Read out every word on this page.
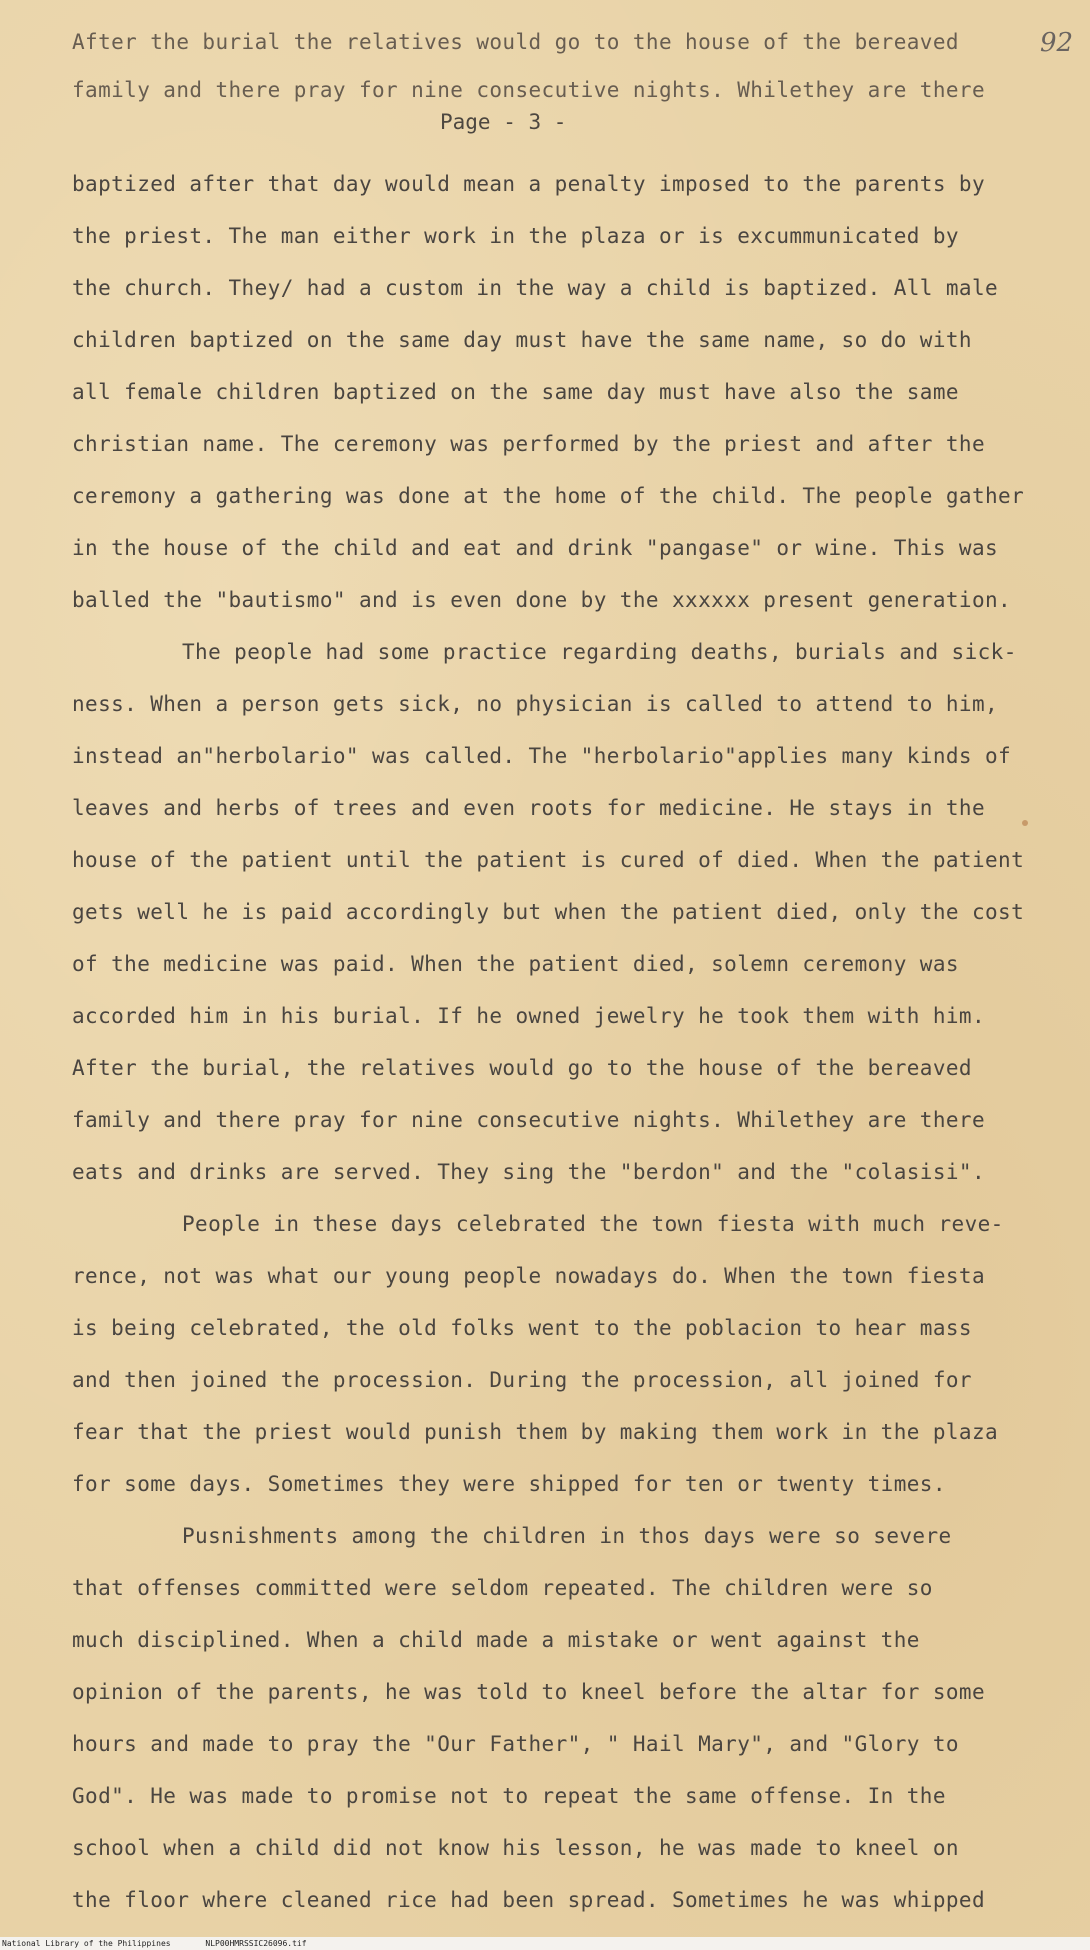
92
After the burial the relatives would go to the house of the bereaved
family and there pray for nine consecutive nights. Whilethey are there
Page - 3 -
baptized after that day would mean a penalty imposed to the parents by
the priest. The man either work in the plaza or is excummunicated by
the church. They/ had a custom in the way a child is baptized. All male
children baptized on the same day must have the same name, so do with
all female children baptized on the same day must have also the same
christian name. The ceremony was performed by the priest and after the
ceremony a gathering was done at the home of the child. The people gather
in the house of the child and eat and drink "pangase" or wine. This was
balled the "bautismo" and is even done by the xxxxxx present generation.
The people had some practice regarding deaths, burials and sick-
ness. When a person gets sick, no physician is called to attend to him,
instead an"herbolario" was called. The "herbolario"applies many kinds of
leaves and herbs of trees and even roots for medicine. He stays in the
house of the patient until the patient is cured of died. When the patient
gets well he is paid accordingly but when the patient died, only the cost
of the medicine was paid. When the patient died, solemn ceremony was
accorded him in his burial. If he owned jewelry he took them with him.
After the burial, the relatives would go to the house of the bereaved
family and there pray for nine consecutive nights. Whilethey are there
eats and drinks are served. They sing the "berdon" and the "colasisi".
People in these days celebrated the town fiesta with much reve-
rence, not was what our young people nowadays do. When the town fiesta
is being celebrated, the old folks went to the poblacion to hear mass
and then joined the procession. During the procession, all joined for
fear that the priest would punish them by making them work in the plaza
for some days. Sometimes they were shipped for ten or twenty times.
Pusnishments among the children in thos days were so severe
that offenses committed were seldom repeated. The children were so
much disciplined. When a child made a mistake or went against the
opinion of the parents, he was told to kneel before the altar for some
hours and made to pray the "Our Father", " Hail Mary", and "Glory to
God". He was made to promise not to repeat the same offense. In the
school when a child did not know his lesson, he was made to kneel on
the floor where cleaned rice had been spread. Sometimes he was whipped
National Library of the Philippines	NLP00HMRSSIC26096.tif
